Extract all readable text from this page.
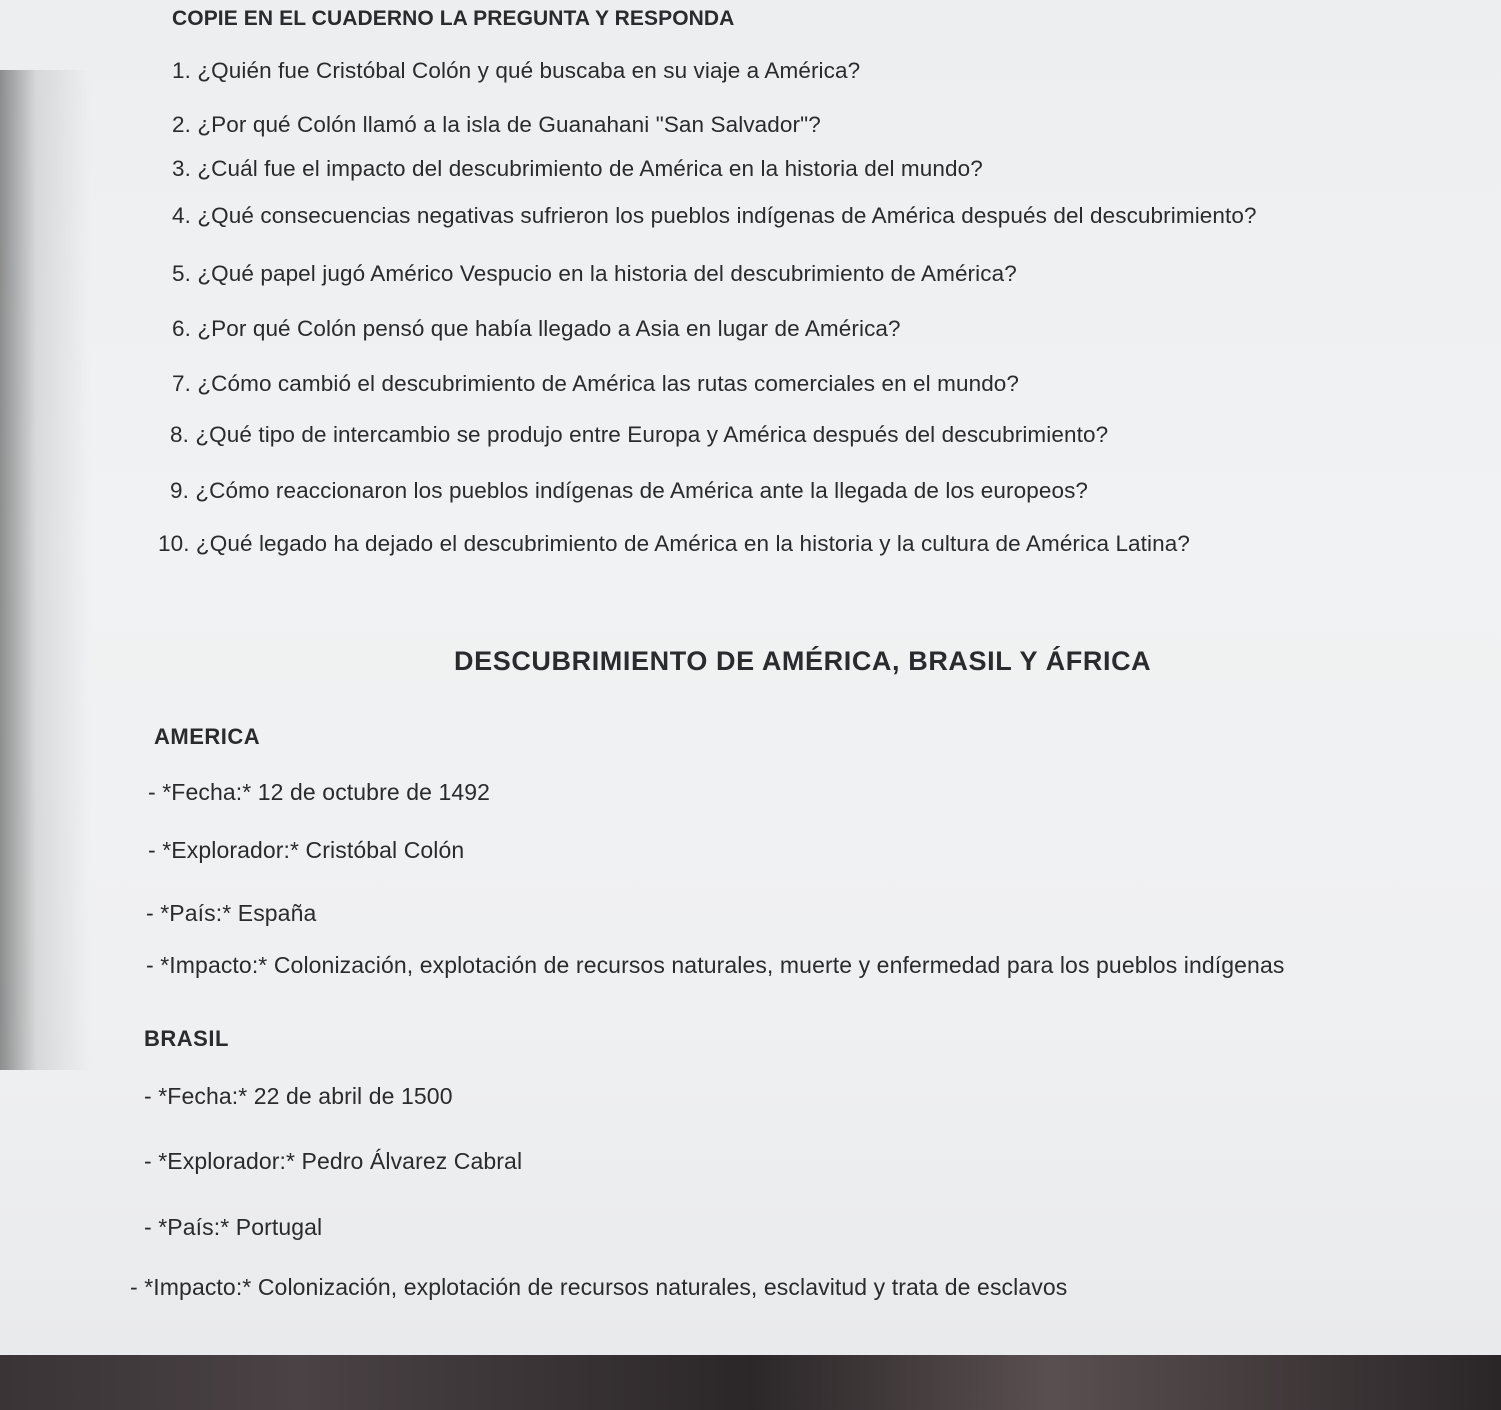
COPIE EN EL CUADERNO LA PREGUNTA Y RESPONDA
1. ¿Quién fue Cristóbal Colón y qué buscaba en su viaje a América?
2. ¿Por qué Colón llamó a la isla de Guanahani "San Salvador"?
3. ¿Cuál fue el impacto del descubrimiento de América en la historia del mundo?
4. ¿Qué consecuencias negativas sufrieron los pueblos indígenas de América después del descubrimiento?
5. ¿Qué papel jugó Américo Vespucio en la historia del descubrimiento de América?
6. ¿Por qué Colón pensó que había llegado a Asia en lugar de América?
7. ¿Cómo cambió el descubrimiento de América las rutas comerciales en el mundo?
8. ¿Qué tipo de intercambio se produjo entre Europa y América después del descubrimiento?
9. ¿Cómo reaccionaron los pueblos indígenas de América ante la llegada de los europeos?
10. ¿Qué legado ha dejado el descubrimiento de América en la historia y la cultura de América Latina?
DESCUBRIMIENTO DE AMÉRICA, BRASIL Y ÁFRICA
AMERICA
- *Fecha:* 12 de octubre de 1492
- *Explorador:* Cristóbal Colón
- *País:* España
- *Impacto:* Colonización, explotación de recursos naturales, muerte y enfermedad para los pueblos indígenas
BRASIL
- *Fecha:* 22 de abril de 1500
- *Explorador:* Pedro Álvarez Cabral
- *País:* Portugal
- *Impacto:* Colonización, explotación de recursos naturales, esclavitud y trata de esclavos
